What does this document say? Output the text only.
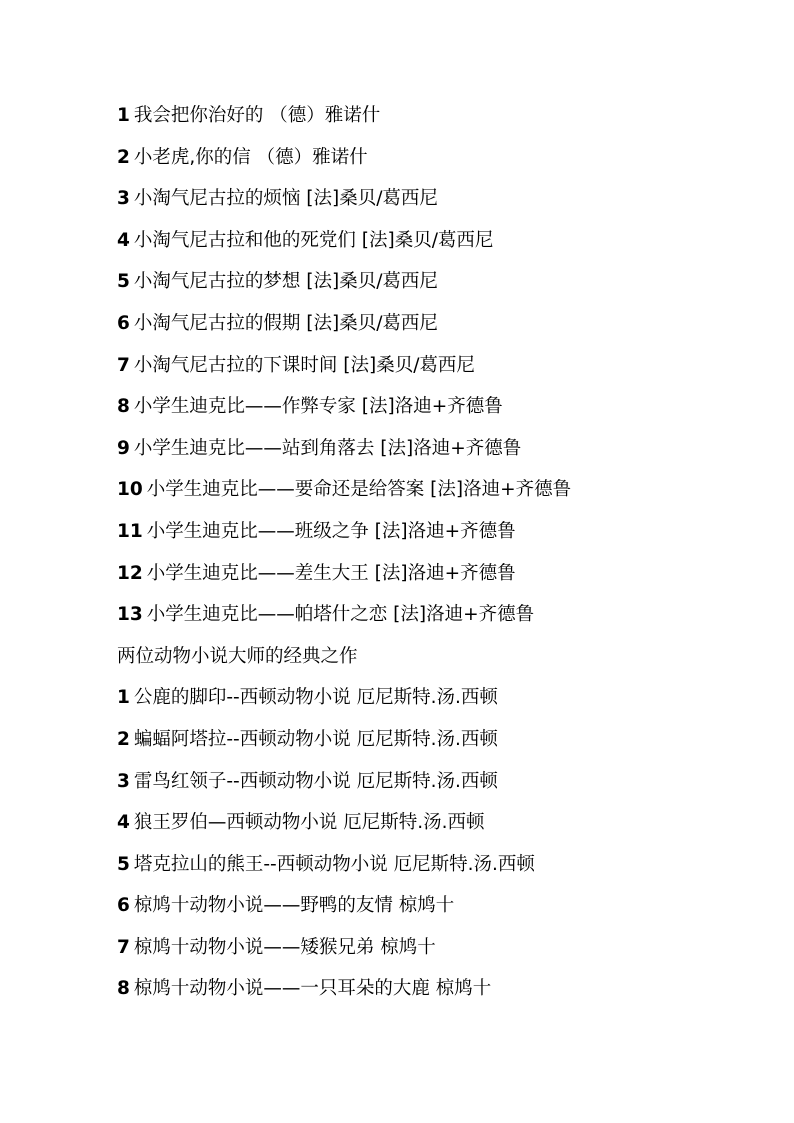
1 我会把你治好的 （德）雅诺什
2 小老虎,你的信 （德）雅诺什
3 小淘气尼古拉的烦恼 [法]桑贝/葛西尼
4 小淘气尼古拉和他的死党们 [法]桑贝/葛西尼
5 小淘气尼古拉的梦想 [法]桑贝/葛西尼
6 小淘气尼古拉的假期 [法]桑贝/葛西尼
7 小淘气尼古拉的下课时间 [法]桑贝/葛西尼
8 小学生迪克比——作弊专家 [法]洛迪+齐德鲁
9 小学生迪克比——站到角落去 [法]洛迪+齐德鲁
10 小学生迪克比——要命还是给答案 [法]洛迪+齐德鲁
11 小学生迪克比——班级之争 [法]洛迪+齐德鲁
12 小学生迪克比——差生大王 [法]洛迪+齐德鲁
13 小学生迪克比——帕塔什之恋 [法]洛迪+齐德鲁
两位动物小说大师的经典之作
1 公鹿的脚印--西顿动物小说 厄尼斯特.汤.西顿
2 蝙蝠阿塔拉--西顿动物小说 厄尼斯特.汤.西顿
3 雷鸟红领子--西顿动物小说 厄尼斯特.汤.西顿
4 狼王罗伯—西顿动物小说 厄尼斯特.汤.西顿
5 塔克拉山的熊王--西顿动物小说 厄尼斯特.汤.西顿
6 椋鸠十动物小说——野鸭的友情 椋鸠十
7 椋鸠十动物小说——矮猴兄弟 椋鸠十
8 椋鸠十动物小说——一只耳朵的大鹿 椋鸠十
